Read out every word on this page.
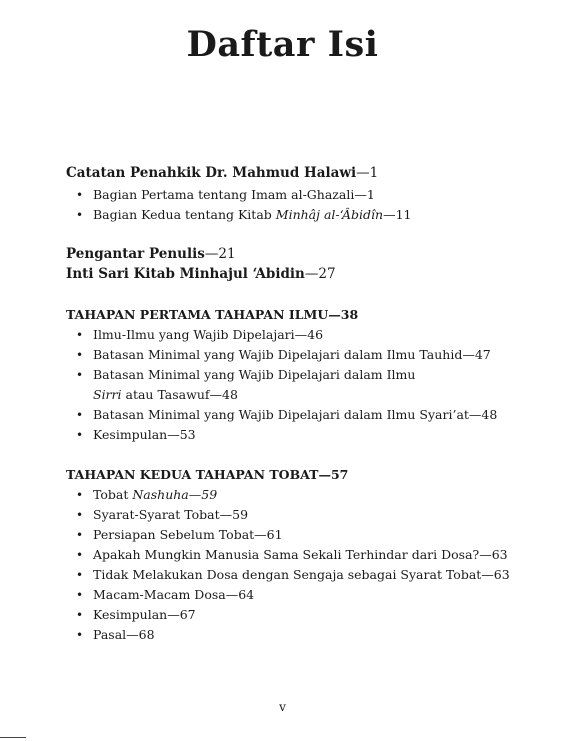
Daftar Isi
Catatan Penahkik Dr. Mahmud Halawi—1
• Bagian Pertama tentang Imam al-Ghazali—1
• Bagian Kedua tentang Kitab Minhâj al-‘Âbidîn—11
Pengantar Penulis—21
Inti Sari Kitab Minhajul ‘Abidin—27
TAHAPAN PERTAMA TAHAPAN ILMU—38
• Ilmu-Ilmu yang Wajib Dipelajari—46
• Batasan Minimal yang Wajib Dipelajari dalam Ilmu Tauhid—47
• Batasan Minimal yang Wajib Dipelajari dalam Ilmu
Sirri atau Tasawuf—48
• Batasan Minimal yang Wajib Dipelajari dalam Ilmu Syari’at—48
• Kesimpulan—53
TAHAPAN KEDUA TAHAPAN TOBAT—57
• Tobat Nashuha—59
• Syarat-Syarat Tobat—59
• Persiapan Sebelum Tobat—61
• Apakah Mungkin Manusia Sama Sekali Terhindar dari Dosa?—63
• Tidak Melakukan Dosa dengan Sengaja sebagai Syarat Tobat—63
• Macam-Macam Dosa—64
• Kesimpulan—67
• Pasal—68
v
